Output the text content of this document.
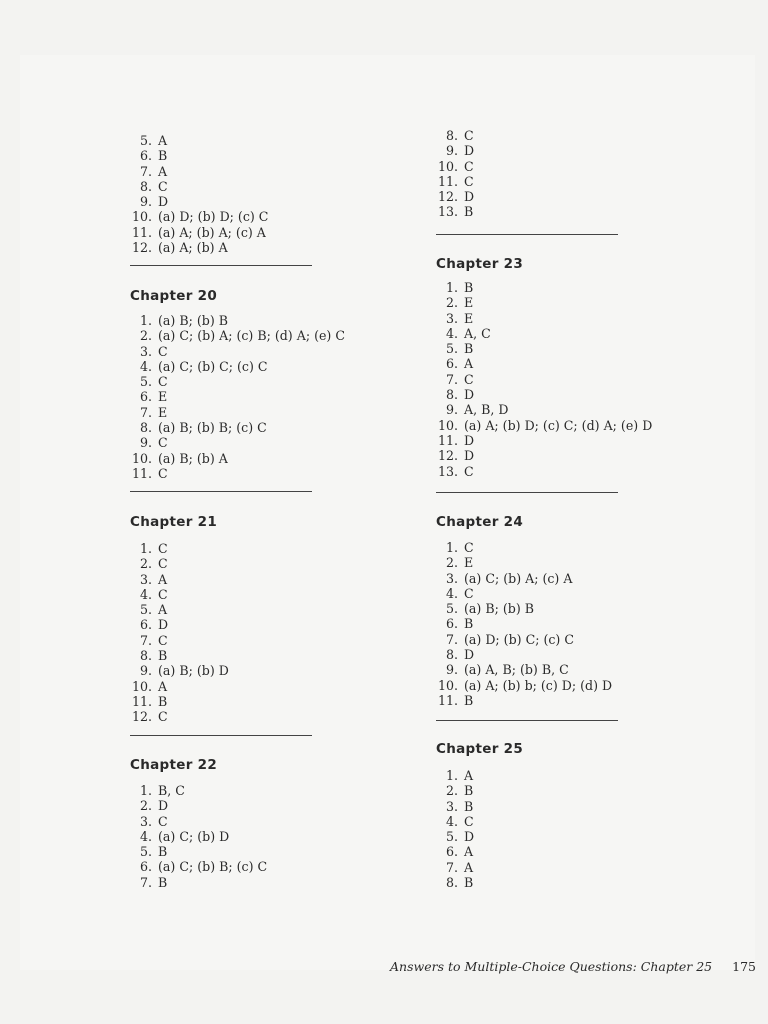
5. A
6. B
7. A
8. C
9. D
10. (a) D; (b) D; (c) C
11. (a) A; (b) A; (c) A
12. (a) A; (b) A
Chapter 20
1. (a) B; (b) B
2. (a) C; (b) A; (c) B; (d) A; (e) C
3. C
4. (a) C; (b) C; (c) C
5. C
6. E
7. E
8. (a) B; (b) B; (c) C
9. C
10. (a) B; (b) A
11. C
Chapter 21
1. C
2. C
3. A
4. C
5. A
6. D
7. C
8. B
9. (a) B; (b) D
10. A
11. B
12. C
Chapter 22
1. B, C
2. D
3. C
4. (a) C; (b) D
5. B
6. (a) C; (b) B; (c) C
7. B
8. C
9. D
10. C
11. C
12. D
13. B
Chapter 23
1. B
2. E
3. E
4. A, C
5. B
6. A
7. C
8. D
9. A, B, D
10. (a) A; (b) D; (c) C; (d) A; (e) D
11. D
12. D
13. C
Chapter 24
1. C
2. E
3. (a) C; (b) A; (c) A
4. C
5. (a) B; (b) B
6. B
7. (a) D; (b) C; (c) C
8. D
9. (a) A, B; (b) B, C
10. (a) A; (b) b; (c) D; (d) D
11. B
Chapter 25
1. A
2. B
3. B
4. C
5. D
6. A
7. A
8. B
Answers to Multiple-Choice Questions: Chapter 25 175
